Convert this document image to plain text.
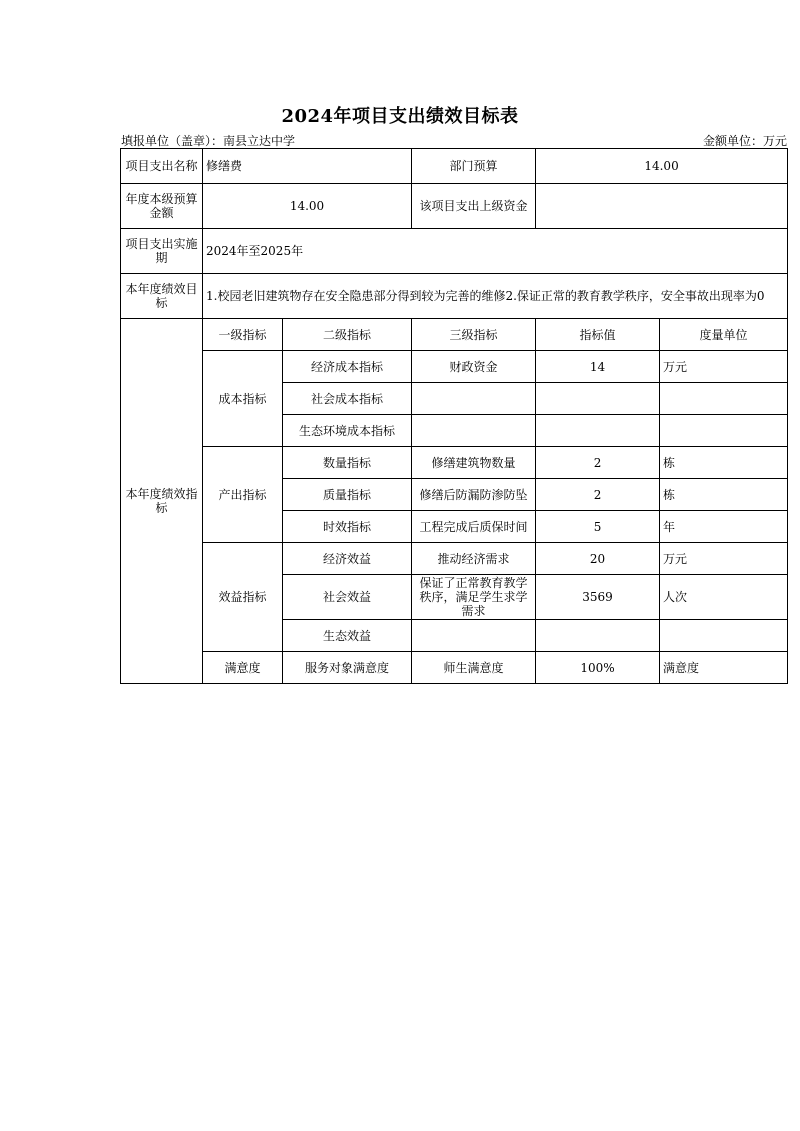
2024年项目支出绩效目标表
填报单位（盖章）：南县立达中学	金额单位：万元
项目支出名称	修缮费		部门预算	14.00	
年度本级预算金额	14.00		该项目支出上级资金		
项目支出实施期	2024年至2025年				
本年度绩效目标	1.校园老旧建筑物存在安全隐患部分得到较为完善的维修2.保证正常的教育教学秩序，安全事故出现率为0				
本年度绩效指标	一级指标	二级指标	三级指标	指标值	度量单位
	成本指标	经济成本指标	财政资金	14	万元
		社会成本指标			
		生态环境成本指标			
	产出指标	数量指标	修缮建筑物数量	2	栋
		质量指标	修缮后防漏防渗防坠	2	栋
		时效指标	工程完成后质保时间	5	年
	效益指标	经济效益	推动经济需求	20	万元
		社会效益	保证了正常教育教学秩序，满足学生求学需求	3569	人次
		生态效益			
	满意度	服务对象满意度	师生满意度	100%	满意度
